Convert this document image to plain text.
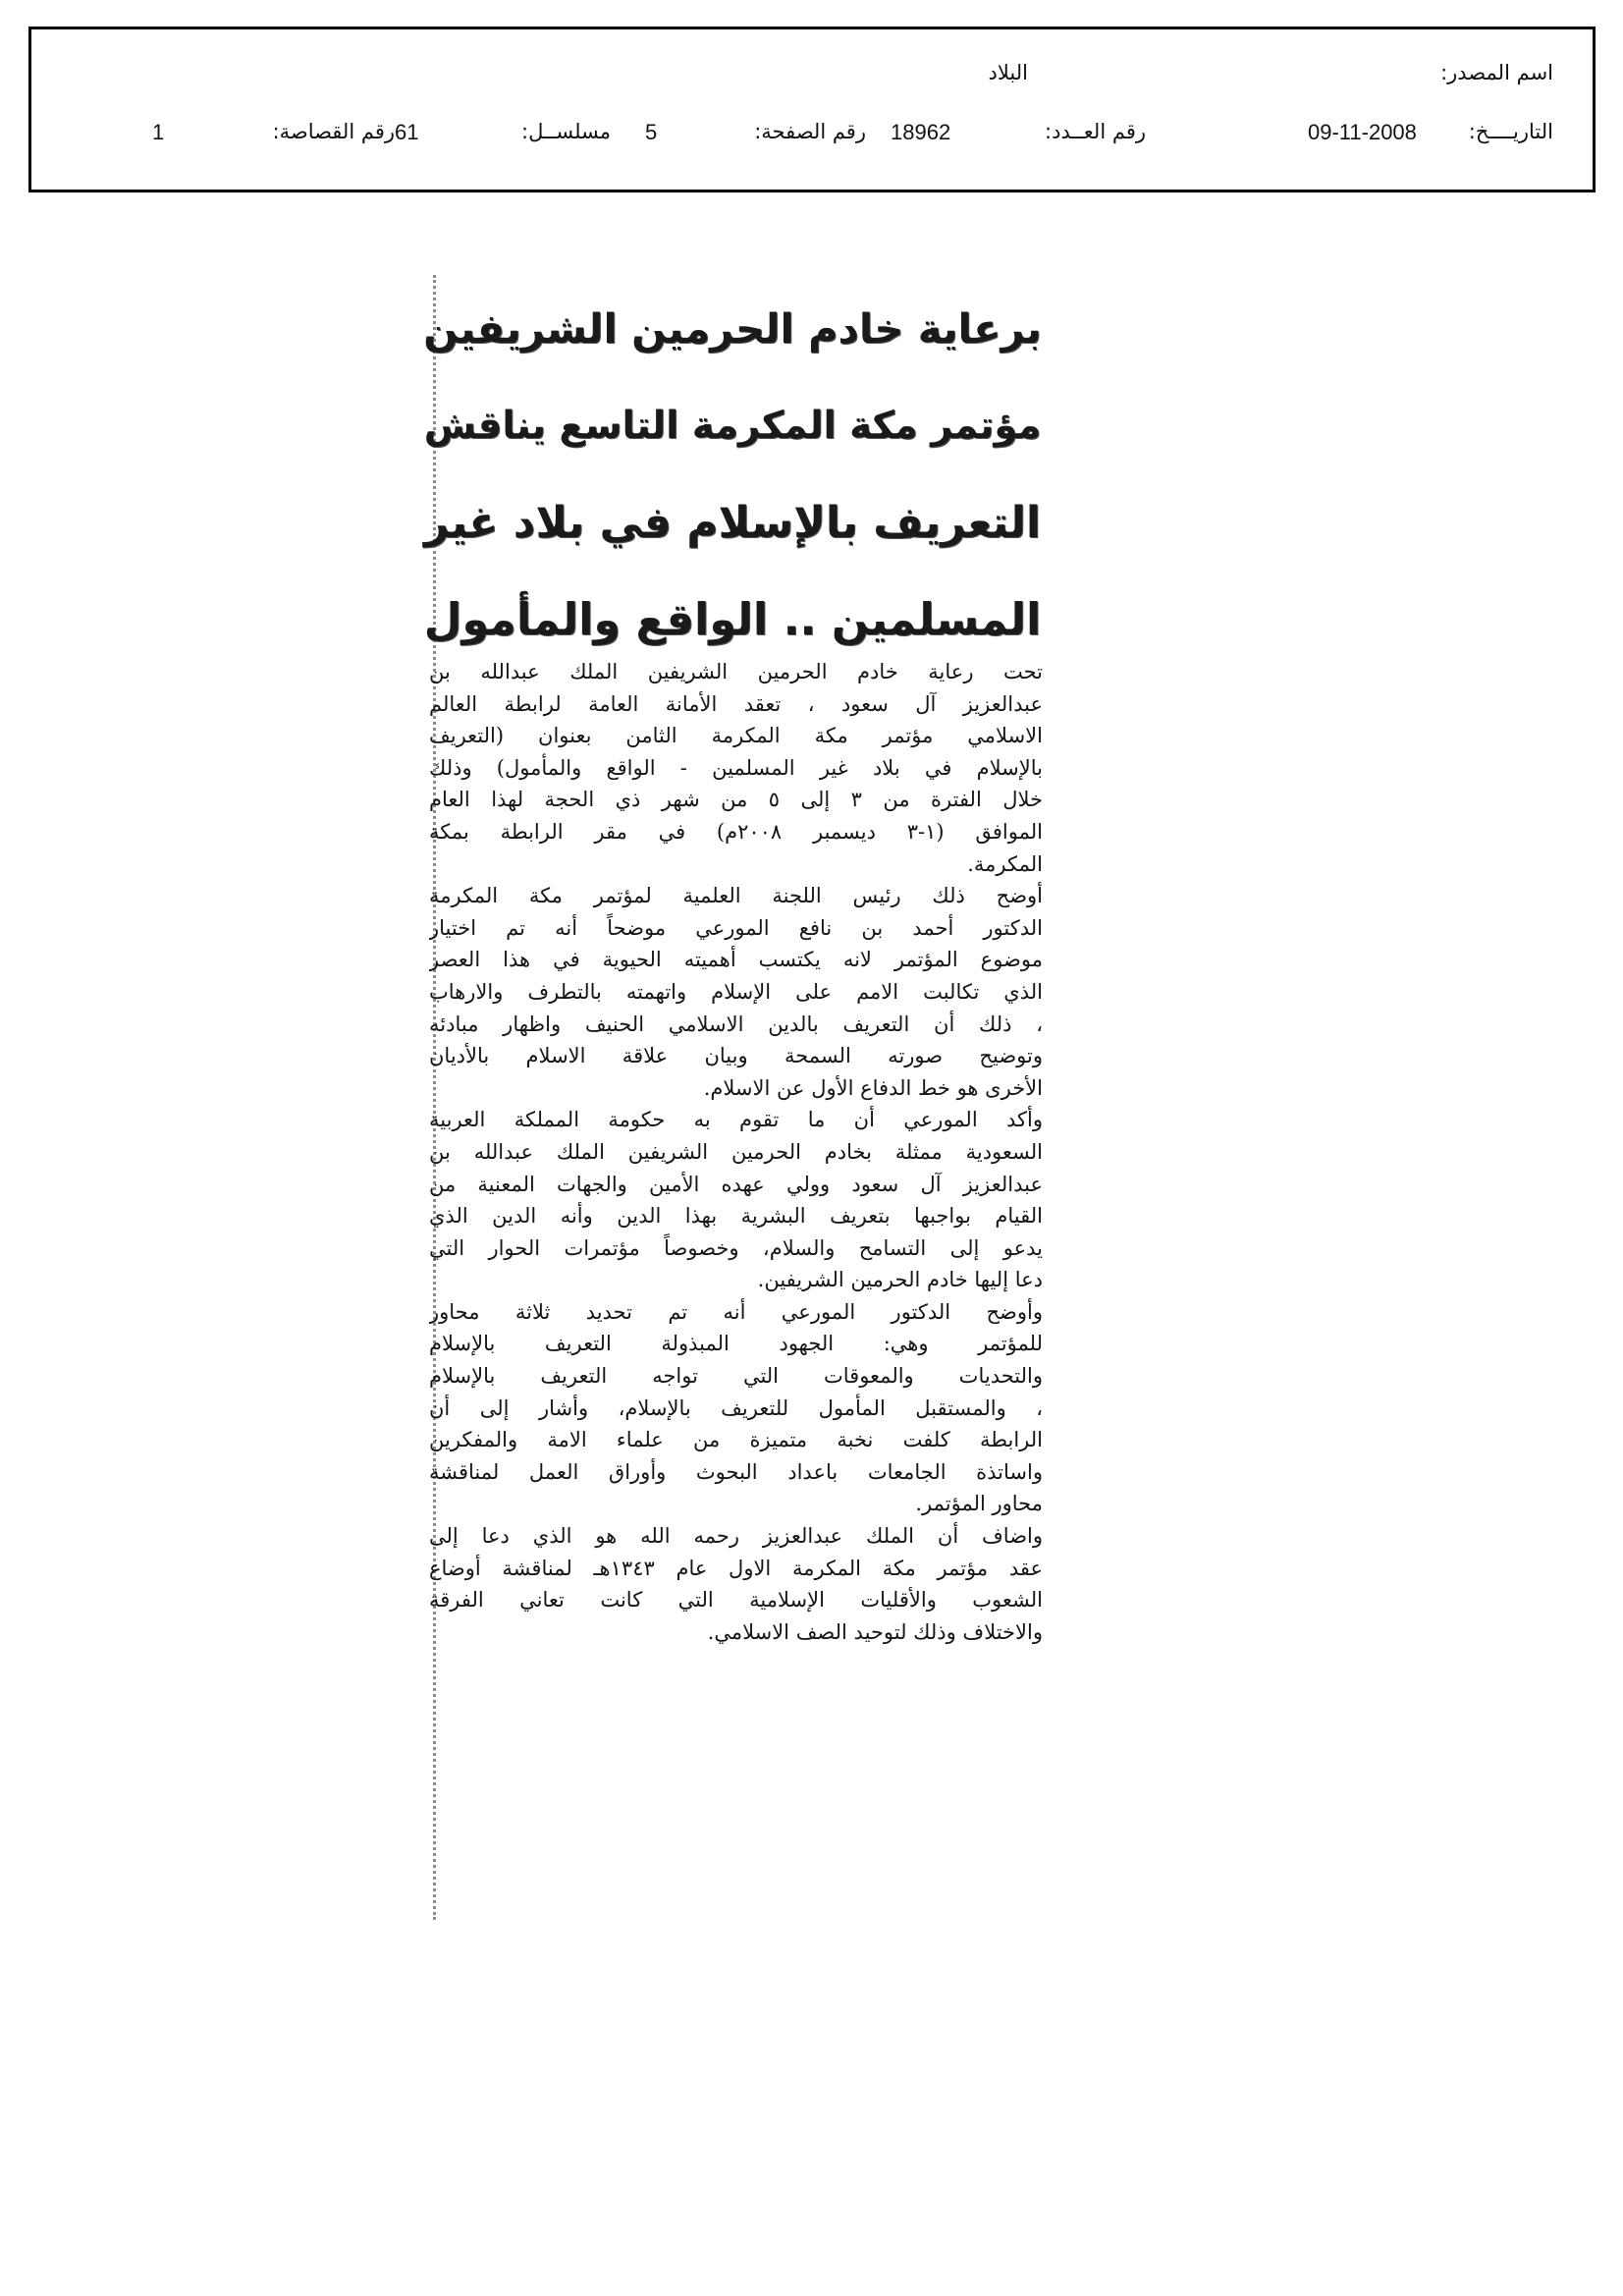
اسم المصدر:
البلاد
التاريــــخ:
09-11-2008
رقم العــدد:
18962
رقم الصفحة:
5
مسلســل:
61
رقم القصاصة:
1
برعاية خادم الحرمين الشريفين
مؤتمر مكة المكرمة التاسع يناقش
التعريف بالإسلام في بلاد غير
المسلمين .. الواقع والمأمول
تحت رعاية خادم الحرمين الشريفين الملك عبدالله بن
عبدالعزيز آل سعود ، تعقد الأمانة العامة لرابطة العالم
الاسلامي مؤتمر مكة المكرمة الثامن بعنوان (التعريف
بالإسلام في بلاد غير المسلمين - الواقع والمأمول) وذلك
خلال الفترة من ٣ إلى ٥ من شهر ذي الحجة لهذا العام
الموافق (١-٣ ديسمبر ٢٠٠٨م) في مقر الرابطة بمكة
المكرمة.
أوضح ذلك رئيس اللجنة العلمية لمؤتمر مكة المكرمة
الدكتور أحمد بن نافع المورعي موضحاً أنه تم اختيار
موضوع المؤتمر لانه يكتسب أهميته الحيوية في هذا العصر
الذي تكالبت الامم على الإسلام واتهمته بالتطرف والارهاب
، ذلك أن التعريف بالدين الاسلامي الحنيف واظهار مبادئه
وتوضيح صورته السمحة وبيان علاقة الاسلام بالأديان
الأخرى هو خط الدفاع الأول عن الاسلام.
وأكد المورعي أن ما تقوم به حكومة المملكة العربية
السعودية ممثلة بخادم الحرمين الشريفين الملك عبدالله بن
عبدالعزيز آل سعود وولي عهده الأمين والجهات المعنية من
القيام بواجبها بتعريف البشرية بهذا الدين وأنه الدين الذي
يدعو إلى التسامح والسلام، وخصوصاً مؤتمرات الحوار التي
دعا إليها خادم الحرمين الشريفين.
وأوضح الدكتور المورعي أنه تم تحديد ثلاثة محاور
للمؤتمر وهي: الجهود المبذولة التعريف بالإسلام
والتحديات والمعوقات التي تواجه التعريف بالإسلام
، والمستقبل المأمول للتعريف بالإسلام، وأشار إلى أن
الرابطة كلفت نخبة متميزة من علماء الامة والمفكرين
واساتذة الجامعات باعداد البحوث وأوراق العمل لمناقشة
محاور المؤتمر.
واضاف أن الملك عبدالعزيز رحمه الله هو الذي دعا إلى
عقد مؤتمر مكة المكرمة الاول عام ١٣٤٣هـ لمناقشة أوضاع
الشعوب والأقليات الإسلامية التي كانت تعاني الفرقة
والاختلاف وذلك لتوحيد الصف الاسلامي.
